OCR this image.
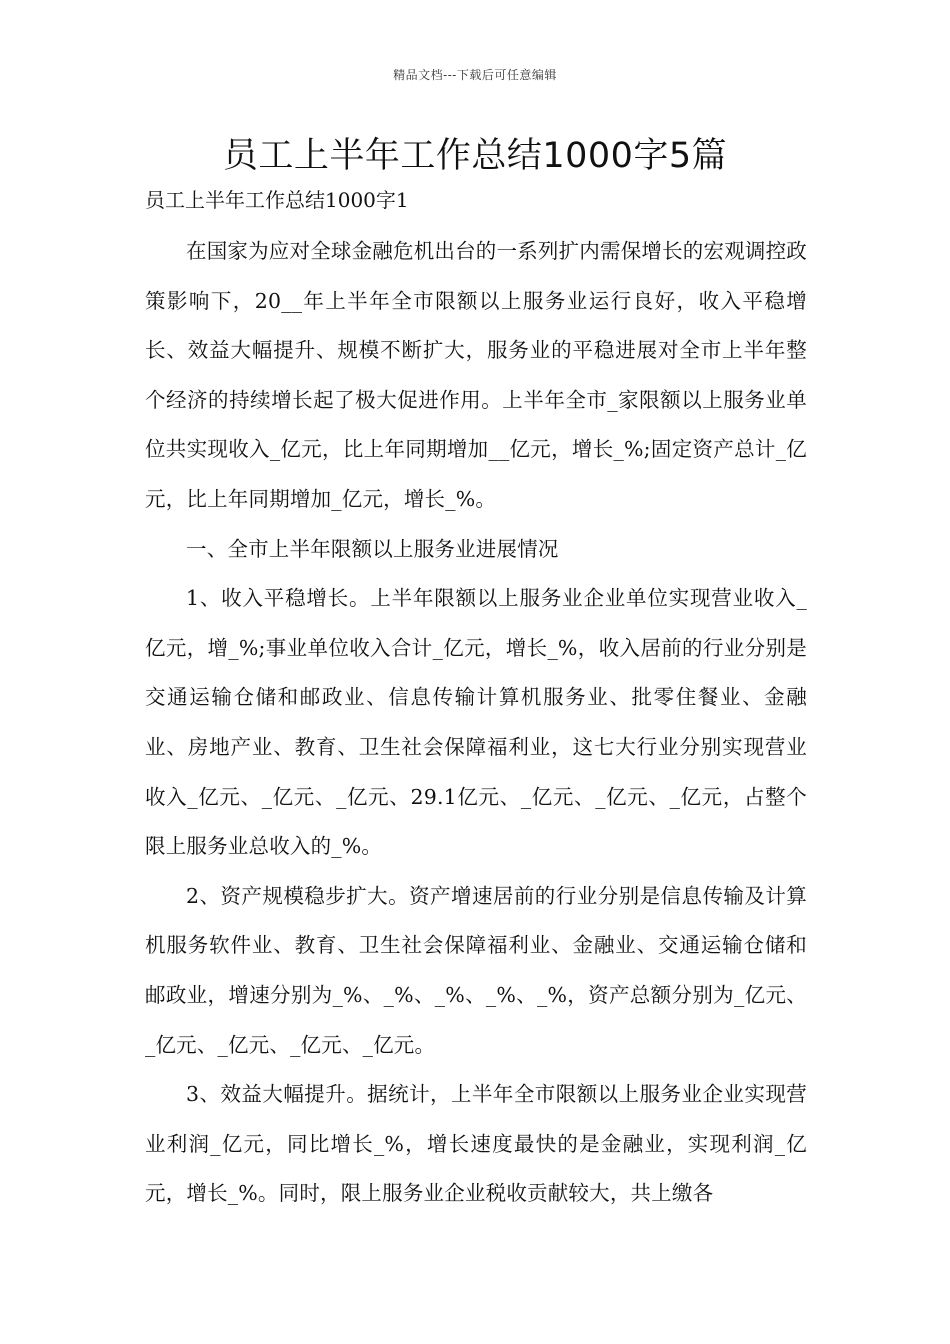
精品文档---下载后可任意编辑
员工上半年工作总结1000字5篇

员工上半年工作总结1000字1

在国家为应对全球金融危机出台的一系列扩内需保增长的宏观调控政策影响下，20__年上半年全市限额以上服务业运行良好，收入平稳增长、效益大幅提升、规模不断扩大，服务业的平稳进展对全市上半年整个经济的持续增长起了极大促进作用。上半年全市_家限额以上服务业单位共实现收入_亿元，比上年同期增加__亿元，增长_%;固定资产总计_亿元，比上年同期增加_亿元，增长_%。

一、全市上半年限额以上服务业进展情况

1、收入平稳增长。上半年限额以上服务业企业单位实现营业收入_亿元，增_%;事业单位收入合计_亿元，增长_%，收入居前的行业分别是交通运输仓储和邮政业、信息传输计算机服务业、批零住餐业、金融业、房地产业、教育、卫生社会保障福利业，这七大行业分别实现营业收入_亿元、_亿元、_亿元、29.1亿元、_亿元、_亿元、_亿元，占整个限上服务业总收入的_%。

2、资产规模稳步扩大。资产增速居前的行业分别是信息传输及计算机服务软件业、教育、卫生社会保障福利业、金融业、交通运输仓储和邮政业，增速分别为_%、_%、_%、_%、_%，资产总额分别为_亿元、_亿元、_亿元、_亿元、_亿元。

3、效益大幅提升。据统计，上半年全市限额以上服务业企业实现营业利润_亿元，同比增长_%，增长速度最快的是金融业，实现利润_亿元，增长_%。同时，限上服务业企业税收贡献较大，共上缴各
